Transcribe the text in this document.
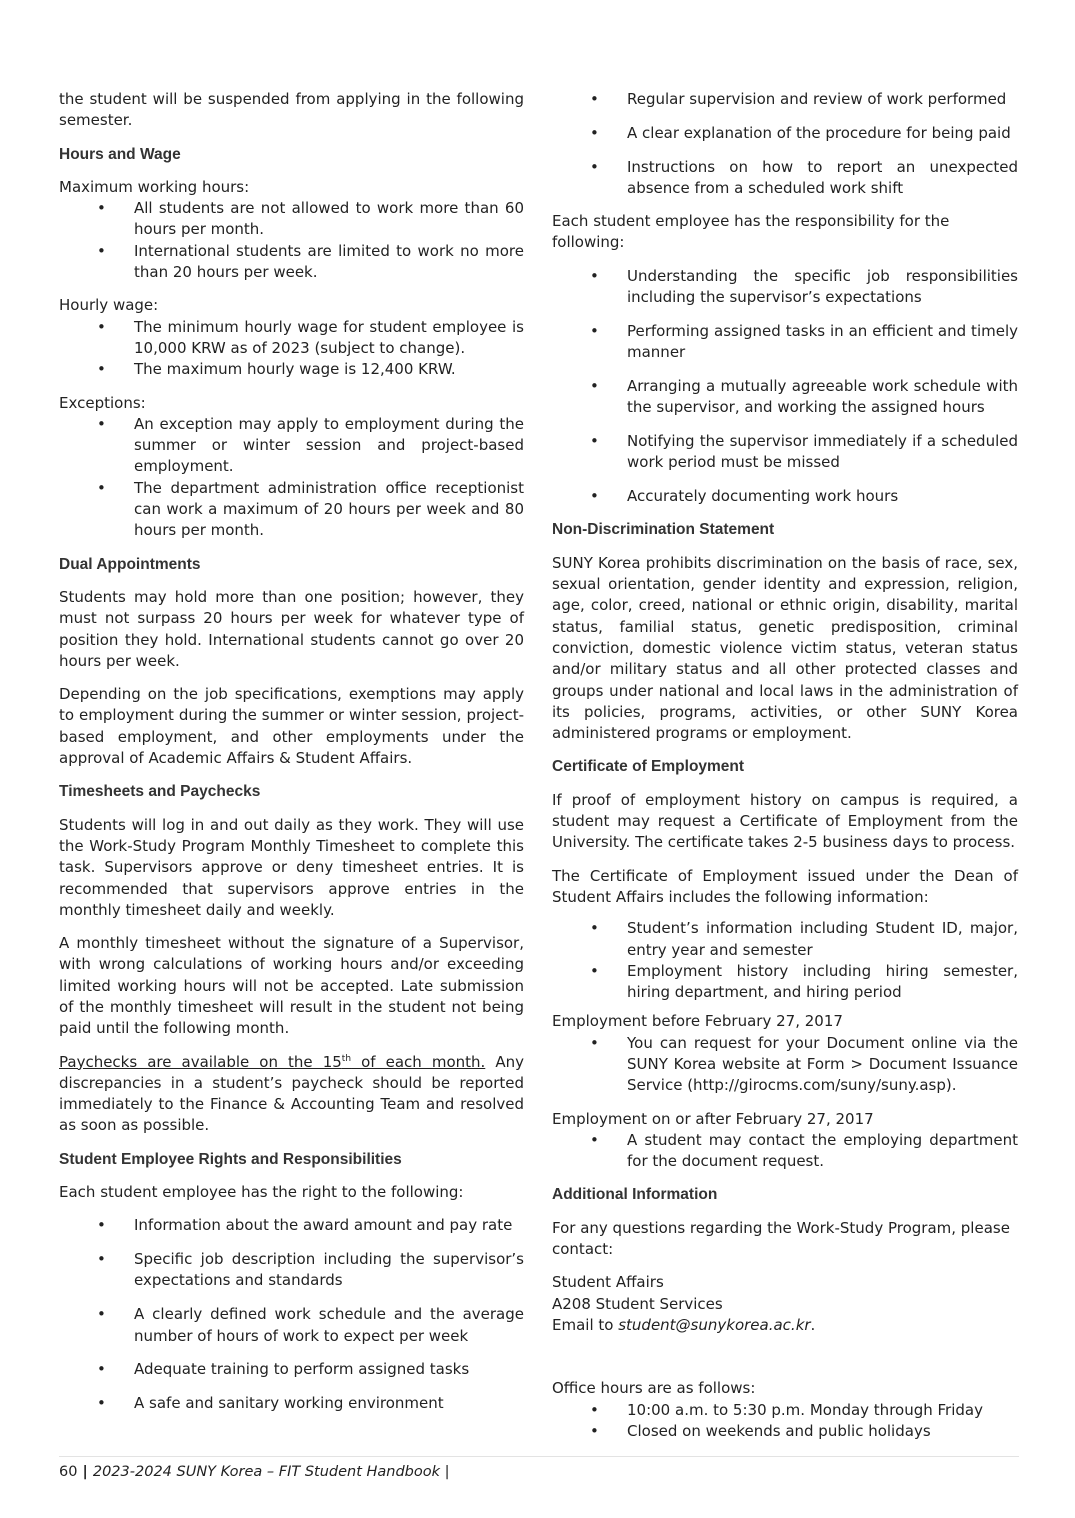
the student will be suspended from applying in the following semester.

Hours and Wage

Maximum working hours:

• All students are not allowed to work more than 60 hours per month.
• International students are limited to work no more than 20 hours per week.

Hourly wage:

• The minimum hourly wage for student employee is 10,000 KRW as of 2023 (subject to change).
• The maximum hourly wage is 12,400 KRW.

Exceptions:

• An exception may apply to employment during the summer or winter session and project-based employment.
• The department administration office receptionist can work a maximum of 20 hours per week and 80 hours per month.
Dual Appointments

Students may hold more than one position; however, they must not surpass 20 hours per week for whatever type of position they hold. International students cannot go over 20 hours per week.

Depending on the job specifications, exemptions may apply to employment during the summer or winter session, project-based employment, and other employments under the approval of Academic Affairs & Student Affairs.

Timesheets and Paychecks

Students will log in and out daily as they work. They will use the Work-Study Program Monthly Timesheet to complete this task. Supervisors approve or deny timesheet entries. It is recommended that supervisors approve entries in the monthly timesheet daily and weekly.

A monthly timesheet without the signature of a Supervisor, with wrong calculations of working hours and/or exceeding limited working hours will not be accepted. Late submission of the monthly timesheet will result in the student not being paid until the following month.

Paychecks are available on the 15th of each month. Any discrepancies in a student’s paycheck should be reported immediately to the Finance & Accounting Team and resolved as soon as possible.

Student Employee Rights and Responsibilities

Each student employee has the right to the following:

• Information about the award amount and pay rate
• Specific job description including the supervisor’s expectations and standards
• A clearly defined work schedule and the average number of hours of work to expect per week
• Adequate training to perform assigned tasks
• A safe and sanitary working environment
• Regular supervision and review of work performed
• A clear explanation of the procedure for being paid
• Instructions on how to report an unexpected absence from a scheduled work shift

Each student employee has the responsibility for the following:

• Understanding the specific job responsibilities including the supervisor’s expectations
• Performing assigned tasks in an efficient and timely manner
• Arranging a mutually agreeable work schedule with the supervisor, and working the assigned hours
• Notifying the supervisor immediately if a scheduled work period must be missed
• Accurately documenting work hours
Non-Discrimination Statement

SUNY Korea prohibits discrimination on the basis of race, sex, sexual orientation, gender identity and expression, religion, age, color, creed, national or ethnic origin, disability, marital status, familial status, genetic predisposition, criminal conviction, domestic violence victim status, veteran status and/or military status and all other protected classes and groups under national and local laws in the administration of its policies, programs, activities, or other SUNY Korea administered programs or employment.

Certificate of Employment

If proof of employment history on campus is required, a student may request a Certificate of Employment from the University. The certificate takes 2-5 business days to process.

The Certificate of Employment issued under the Dean of Student Affairs includes the following information:

• Student’s information including Student ID, major, entry year and semester
• Employment history including hiring semester, hiring department, and hiring period

Employment before February 27, 2017

• You can request for your Document online via the SUNY Korea website at Form > Document Issuance Service (http://girocms.com/suny/suny.asp).

Employment on or after February 27, 2017

• A student may contact the employing department for the document request.
Additional Information

For any questions regarding the Work-Study Program, please contact:

Student Affairs

A208 Student Services

Email to student@sunykorea.ac.kr.

Office hours are as follows:

• 10:00 a.m. to 5:30 p.m. Monday through Friday
• Closed on weekends and public holidays
60 | 2023-2024 SUNY Korea – FIT Student Handbook |
